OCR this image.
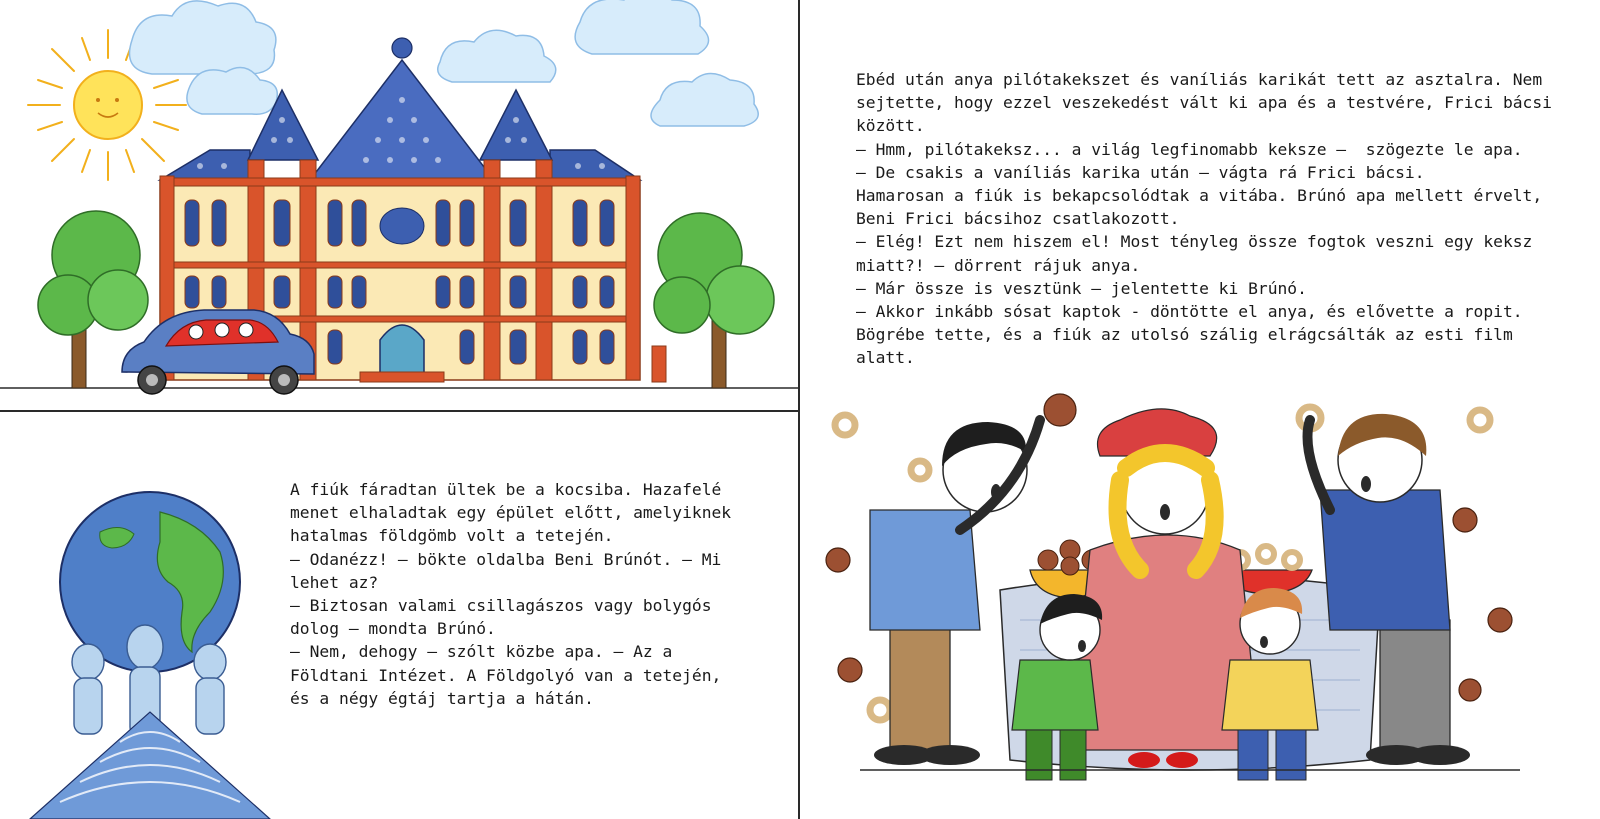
A fiúk fáradtan ültek be a kocsiba. Hazafelé
menet elhaladtak egy épület előtt, amelyiknek
hatalmas földgömb volt a tetején.
– Odanézz! – bökte oldalba Beni Brúnót. – Mi
lehet az?
– Biztosan valami csillagászos vagy bolygós
dolog – mondta Brúnó.
– Nem, dehogy – szólt közbe apa. – Az a
Földtani Intézet. A Földgolyó van a tetején,
és a négy égtáj tartja a hátán.
Ebéd után anya pilótakekszet és vaníliás karikát tett az asztalra. Nem
sejtette, hogy ezzel veszekedést vált ki apa és a testvére, Frici bácsi között.
– Hmm, pilótakeksz... a világ legfinomabb keksze –  szögezte le apa.
– De csakis a vaníliás karika után – vágta rá Frici bácsi.
Hamarosan a fiúk is bekapcsolódtak a vitába. Brúnó apa mellett érvelt,
Beni Frici bácsihoz csatlakozott.
– Elég! Ezt nem hiszem el! Most tényleg össze fogtok veszni egy keksz
miatt?! – dörrent rájuk anya.
– Már össze is vesztünk – jelentette ki Brúnó.
– Akkor inkább sósat kaptok - döntötte el anya, és elővette a ropit.
Bögrébe tette, és a fiúk az utolsó szálig elrágcsálták az esti film alatt.
